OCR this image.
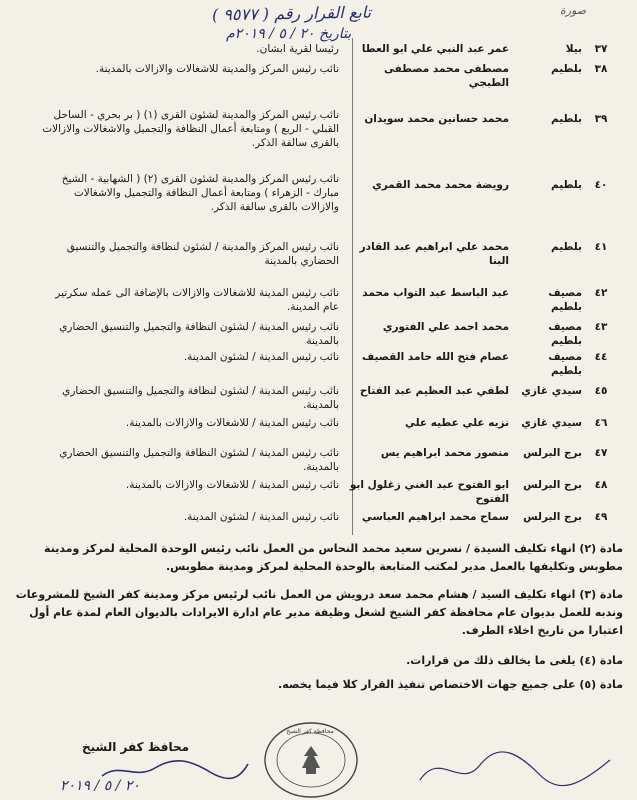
تابع القرار رقم ( ٩٥٧٧ )
بتاريخ ٢٠ / ٥ / ٢٠١٩م
صورة
٣٧
بيلا
عمر عبد النبي علي ابو العطا
رئيسا لقرية ابشان.
٣٨
بلطيم
مصطفى محمد مصطفى الطبجي
نائب رئيس المركز والمدينة للاشغالات والازالات بالمدينة.
٣٩
بلطيم
محمد حسانين محمد سويدان
نائب رئيس المركز والمدينة لشئون القرى (١) ( بر بحري - الساحل القبلي - الربع ) ومتابعة أعمال النظافة والتجميل والاشغالات والازالات بالقرى سالفة الذكر.
٤٠
بلطيم
رويضة محمد محمد القمري
نائب رئيس المركز والمدينة لشئون القرى (٢) ( الشهابية - الشيخ مبارك - الزهراء ) ومتابعة أعمال النظافة والتجميل والاشغالات والازالات بالقرى سالفة الذكر.
٤١
بلطيم
محمد علي ابراهيم عبد القادر البنا
نائب رئيس المركز والمدينة / لشئون لنظافة والتجميل والتنسيق الحضاري بالمدينة
٤٢
مصيف بلطيم
عبد الباسط عبد التواب محمد
نائب رئيس المدينة للاشغالات والازالات بالإضافة الى عمله سكرتير عام المدينة.
٤٣
مصيف بلطيم
محمد احمد علي الفتوري
نائب رئيس المدينة / لشئون النظافة والتجميل والتنسيق الحضاري بالمدينة
٤٤
مصيف بلطيم
عصام فتح الله حامد القصيف
نائب رئيس المدينة / لشئون المدينة.
٤٥
سيدي غازي
لطفي عبد العظيم عبد الفتاح
نائب رئيس المدينة / لشئون لنظافة والتجميل والتنسيق الحضاري بالمدينة.
٤٦
سيدي غازي
نزيه علي عطيه علي
نائب رئيس المدينة / للاشغالات والازالات بالمدينة.
٤٧
برج البرلس
منصور محمد ابراهيم يس
نائب رئيس المدينة / لشئون النظافة والتجميل والتنسيق الحضاري بالمدينة.
٤٨
برج البرلس
ابو الفتوح عبد الغني زغلول ابو الفتوح
نائب رئيس المدينة / للاشغالات والازالات بالمدينة.
٤٩
برج البرلس
سماح محمد ابراهيم العباسي
نائب رئيس المدينة / لشئون المدينة.
مادة (٢) انهاء تكليف السيدة / نسرين سعيد محمد النحاس من العمل نائب رئيس الوحدة المحلية لمركز ومدينة مطوبس وتكليفها بالعمل مدير لمكتب المتابعة بالوحدة المحلية لمركز ومدينة مطوبس.
مادة (٣) انهاء تكليف السيد / هشام محمد سعد درويش من العمل نائب لرئيس مركز ومدينة كفر الشيخ للمشروعات وندبه للعمل بديوان عام محافظة كفر الشيخ لشغل وظيفة مدير عام ادارة الايرادات بالديوان العام لمدة عام أول اعتبارا من تاريخ اخلاء الطرف.
مادة (٤) يلغى ما يخالف ذلك من قرارات.
مادة (٥) على جميع جهات الاختصاص تنفيذ القرار كلا فيما يخصه.
محافظ كفر الشيخ
٢٠ / ٥ / ٢٠١٩
محافظة كفر الشيخ
